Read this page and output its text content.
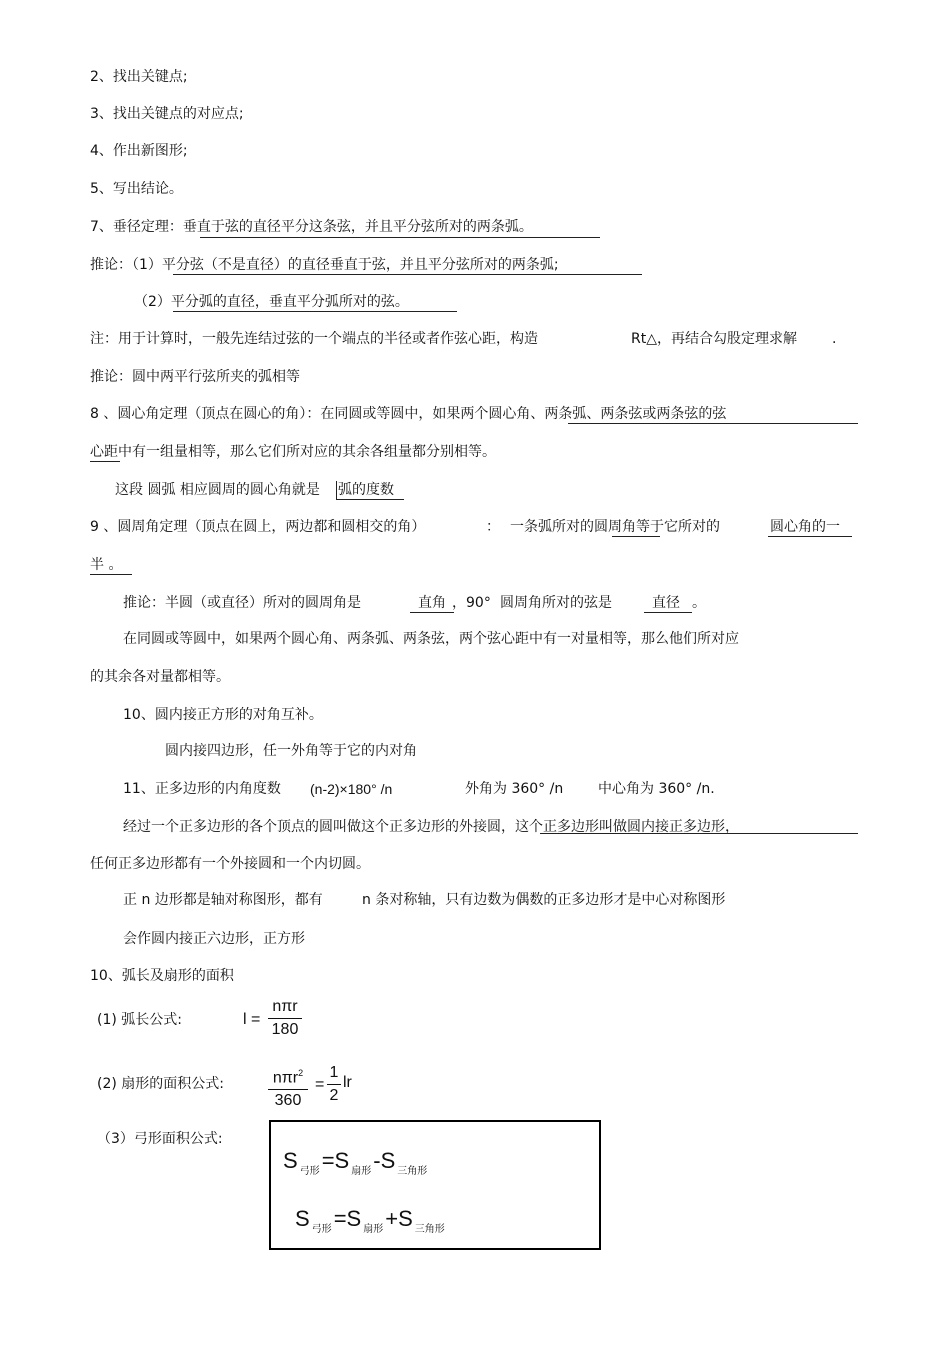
2、找出关键点;
3、找出关键点的对应点;
4、作出新图形;
5、写出结论。
7、垂径定理：垂直于弦的直径平分这条弦，并且平分弦所对的两条弧。
推论：（1）平分弦（不是直径）的直径垂直于弦，并且平分弦所对的两条弧;
（2）平分弧的直径，垂直平分弧所对的弦。
注：用于计算时，一般先连结过弦的一个端点的半径或者作弦心距，构造	Rt△，再结合勾股定理求解	.
推论：圆中两平行弦所夹的弧相等
8 、圆心角定理（顶点在圆心的角）：在同圆或等圆中，如果两个圆心角、两条弧、两条弦或两条弦的弦
心距中有一组量相等，那么它们所对应的其余各组量都分别相等。
这段 圆弧 相应圆周的圆心角就是 弧的度数
9 、圆周角定理（顶点在圆上，两边都和圆相交的角）	： 一条弧所对的圆周角等于它所对的	圆心角的一
半 。
推论：半圆（或直径）所对的圆周角是	直角 ，90° 圆周角所对的弦是	直径 。
在同圆或等圆中，如果两个圆心角、两条弧、两条弦，两个弦心距中有一对量相等，那么他们所对应
的其余各对量都相等。
10、圆内接正方形的对角互补。
圆内接四边形，任一外角等于它的内对角
11、正多边形的内角度数 (n-2)×180° /n	外角为 360° /n 中心角为 360° /n.
经过一个正多边形的各个顶点的圆叫做这个正多边形的外接圆，这个正多边形叫做圆内接正多边形，
任何正多边形都有一个外接圆和一个内切圆。
正 n 边形都是轴对称图形，都有	n 条对称轴，只有边数为偶数的正多边形才是中心对称图形
会作圆内接正六边形，正方形
10、弧长及扇形的面积
(1) 弧长公式:	l =
nπr
180
(2) 扇形的面积公式:	nπr$^2$
360
=
1
2
lr
（3）弓形面积公式:
S $_{弓形}$=S $_{扇形}$-S $_{三角形}$
S $_{弓形}$=S $_{扇形}$+S $_{三角形}$
